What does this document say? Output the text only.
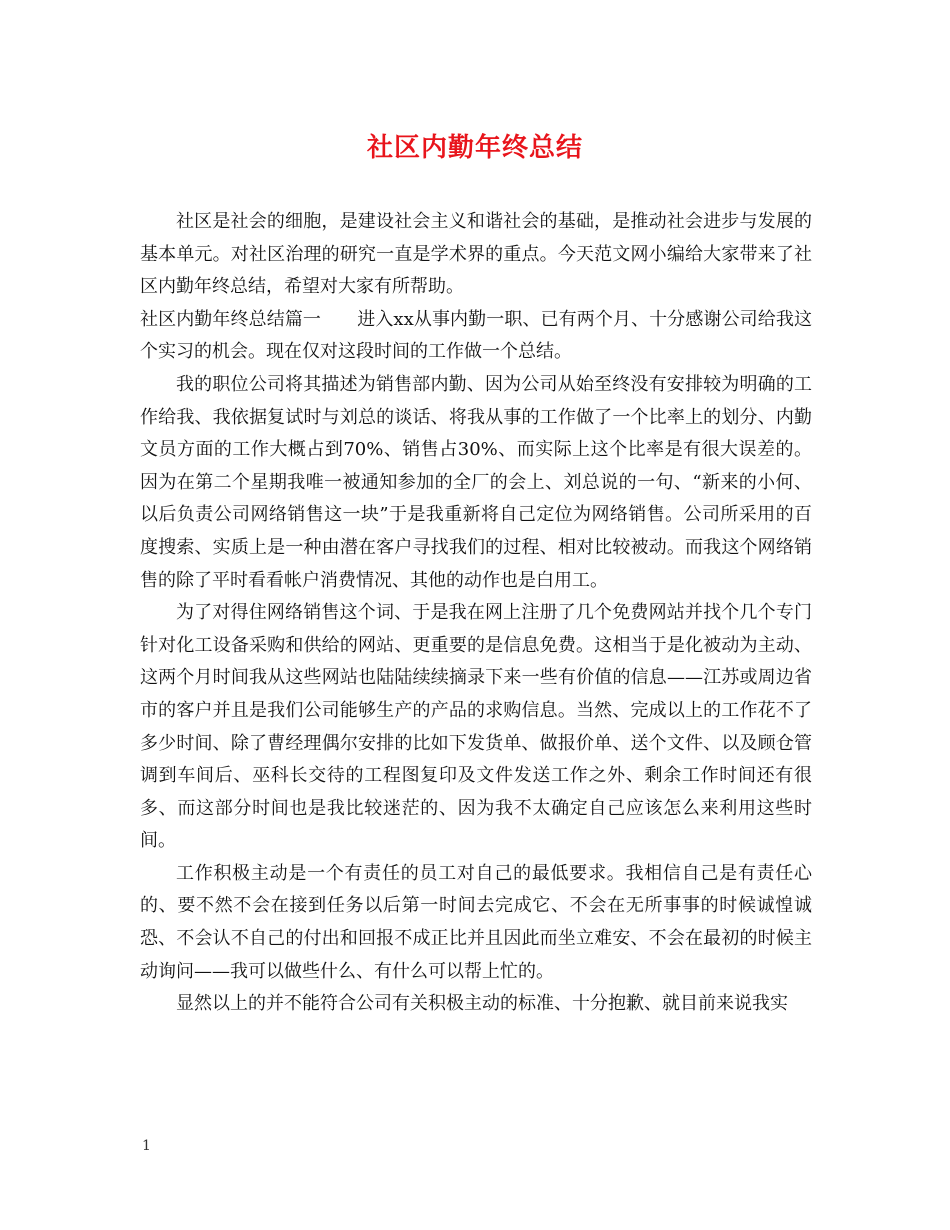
社区内勤年终总结

社区是社会的细胞，是建设社会主义和谐社会的基础，是推动社会进步与发展的基本单元。对社区治理的研究一直是学术界的重点。今天范文网小编给大家带来了社区内勤年终总结，希望对大家有所帮助。

社区内勤年终总结篇一　　进入xx从事内勤一职、已有两个月、十分感谢公司给我这个实习的机会。现在仅对这段时间的工作做一个总结。

我的职位公司将其描述为销售部内勤、因为公司从始至终没有安排较为明确的工作给我、我依据复试时与刘总的谈话、将我从事的工作做了一个比率上的划分、内勤文员方面的工作大概占到70%、销售占30%、而实际上这个比率是有很大误差的。因为在第二个星期我唯一被通知参加的全厂的会上、刘总说的一句、“新来的小何、以后负责公司网络销售这一块”于是我重新将自己定位为网络销售。公司所采用的百度搜索、实质上是一种由潜在客户寻找我们的过程、相对比较被动。而我这个网络销售的除了平时看看帐户消费情况、其他的动作也是白用工。

为了对得住网络销售这个词、于是我在网上注册了几个免费网站并找个几个专门针对化工设备采购和供给的网站、更重要的是信息免费。这相当于是化被动为主动、这两个月时间我从这些网站也陆陆续续摘录下来一些有价值的信息——江苏或周边省市的客户并且是我们公司能够生产的产品的求购信息。当然、完成以上的工作花不了多少时间、除了曹经理偶尔安排的比如下发货单、做报价单、送个文件、以及顾仓管调到车间后、巫科长交待的工程图复印及文件发送工作之外、剩余工作时间还有很多、而这部分时间也是我比较迷茫的、因为我不太确定自己应该怎么来利用这些时间。

工作积极主动是一个有责任的员工对自己的最低要求。我相信自己是有责任心的、要不然不会在接到任务以后第一时间去完成它、不会在无所事事的时候诚惶诚恐、不会认不自己的付出和回报不成正比并且因此而坐立难安、不会在最初的时候主动询问——我可以做些什么、有什么可以帮上忙的。

显然以上的并不能符合公司有关积极主动的标准、十分抱歉、就目前来说我实

1
